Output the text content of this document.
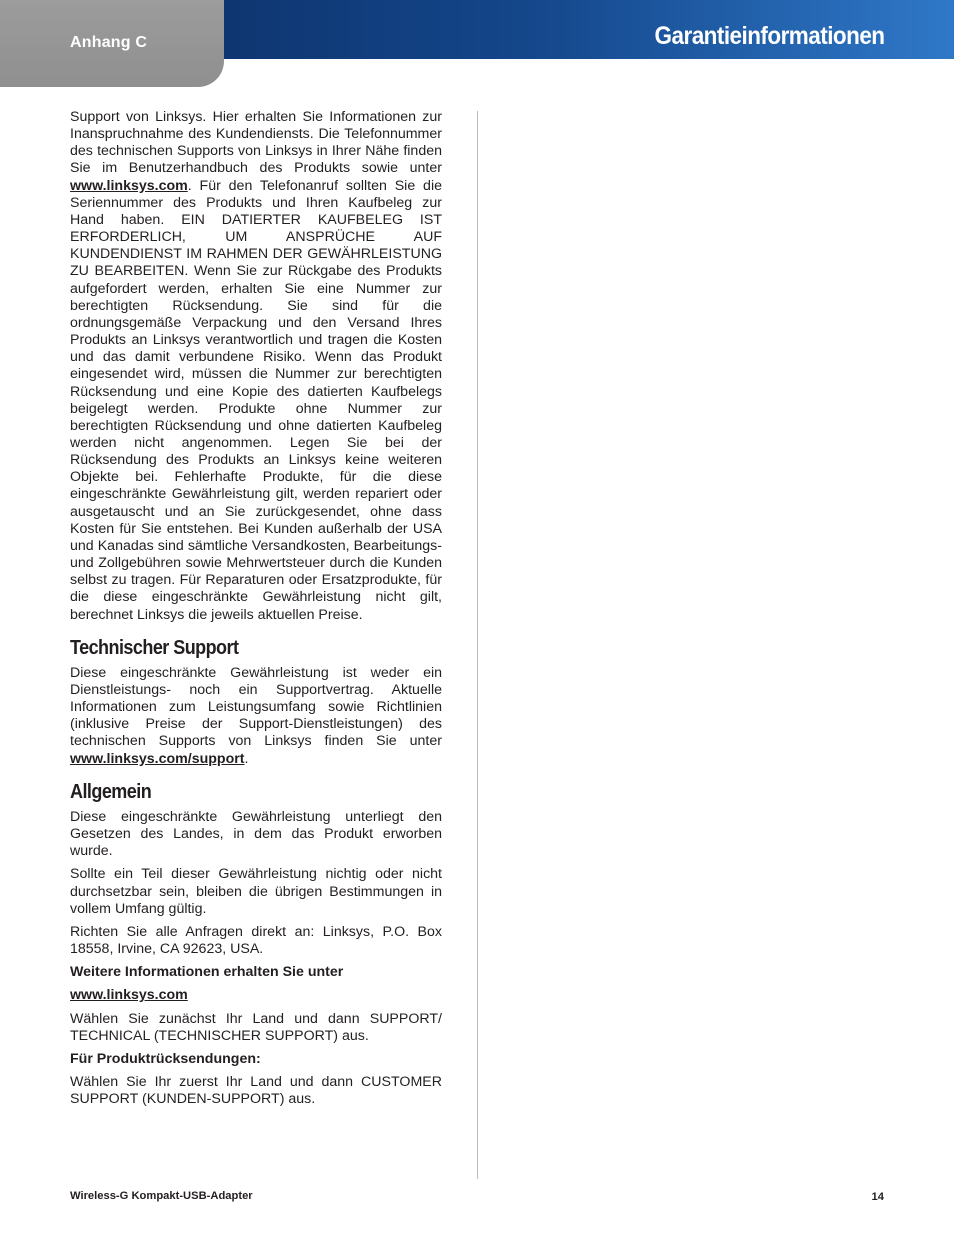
Anhang C	Garantieinformationen

Support von Linksys. Hier erhalten Sie Informationen zur Inanspruchnahme des Kundendiensts. Die Telefonnummer des technischen Supports von Linksys in Ihrer Nähe finden Sie im Benutzerhandbuch des Produkts sowie unter www.linksys.com. Für den Telefonanruf sollten Sie die Seriennummer des Produkts und Ihren Kaufbeleg zur Hand haben. EIN DATIERTER KAUFBELEG IST ERFORDERLICH, UM ANSPRÜCHE AUF KUNDENDIENST IM RAHMEN DER GEWÄHRLEISTUNG ZU BEARBEITEN. Wenn Sie zur Rückgabe des Produkts aufgefordert werden, erhalten Sie eine Nummer zur berechtigten Rücksendung. Sie sind für die ordnungsgemäße Verpackung und den Versand Ihres Produkts an Linksys verantwortlich und tragen die Kosten und das damit verbundene Risiko. Wenn das Produkt eingesendet wird, müssen die Nummer zur berechtigten Rücksendung und eine Kopie des datierten Kaufbelegs beigelegt werden. Produkte ohne Nummer zur berechtigten Rücksendung und ohne datierten Kaufbeleg werden nicht angenommen. Legen Sie bei der Rücksendung des Produkts an Linksys keine weiteren Objekte bei. Fehlerhafte Produkte, für die diese eingeschränkte Gewährleistung gilt, werden repariert oder ausgetauscht und an Sie zurückgesendet, ohne dass Kosten für Sie entstehen. Bei Kunden außerhalb der USA und Kanadas sind sämtliche Versandkosten, Bearbeitungs- und Zollgebühren sowie Mehrwertsteuer durch die Kunden selbst zu tragen. Für Reparaturen oder Ersatzprodukte, für die diese eingeschränkte Gewährleistung nicht gilt, berechnet Linksys die jeweils aktuellen Preise.

Technischer Support

Diese eingeschränkte Gewährleistung ist weder ein Dienstleistungs- noch ein Supportvertrag. Aktuelle Informationen zum Leistungsumfang sowie Richtlinien (inklusive Preise der Support-Dienstleistungen) des technischen Supports von Linksys finden Sie unter www.linksys.com/support.

Allgemein

Diese eingeschränkte Gewährleistung unterliegt den Gesetzen des Landes, in dem das Produkt erworben wurde.

Sollte ein Teil dieser Gewährleistung nichtig oder nicht durchsetzbar sein, bleiben die übrigen Bestimmungen in vollem Umfang gültig.

Richten Sie alle Anfragen direkt an: Linksys, P.O. Box 18558, Irvine, CA 92623, USA.

Weitere Informationen erhalten Sie unter

www.linksys.com

Wählen Sie zunächst Ihr Land und dann SUPPORT/ TECHNICAL (TECHNISCHER SUPPORT) aus.

Für Produktrücksendungen:

Wählen Sie Ihr zuerst Ihr Land und dann CUSTOMER SUPPORT (KUNDEN-SUPPORT) aus.

Wireless-G Kompakt-USB-Adapter	14
